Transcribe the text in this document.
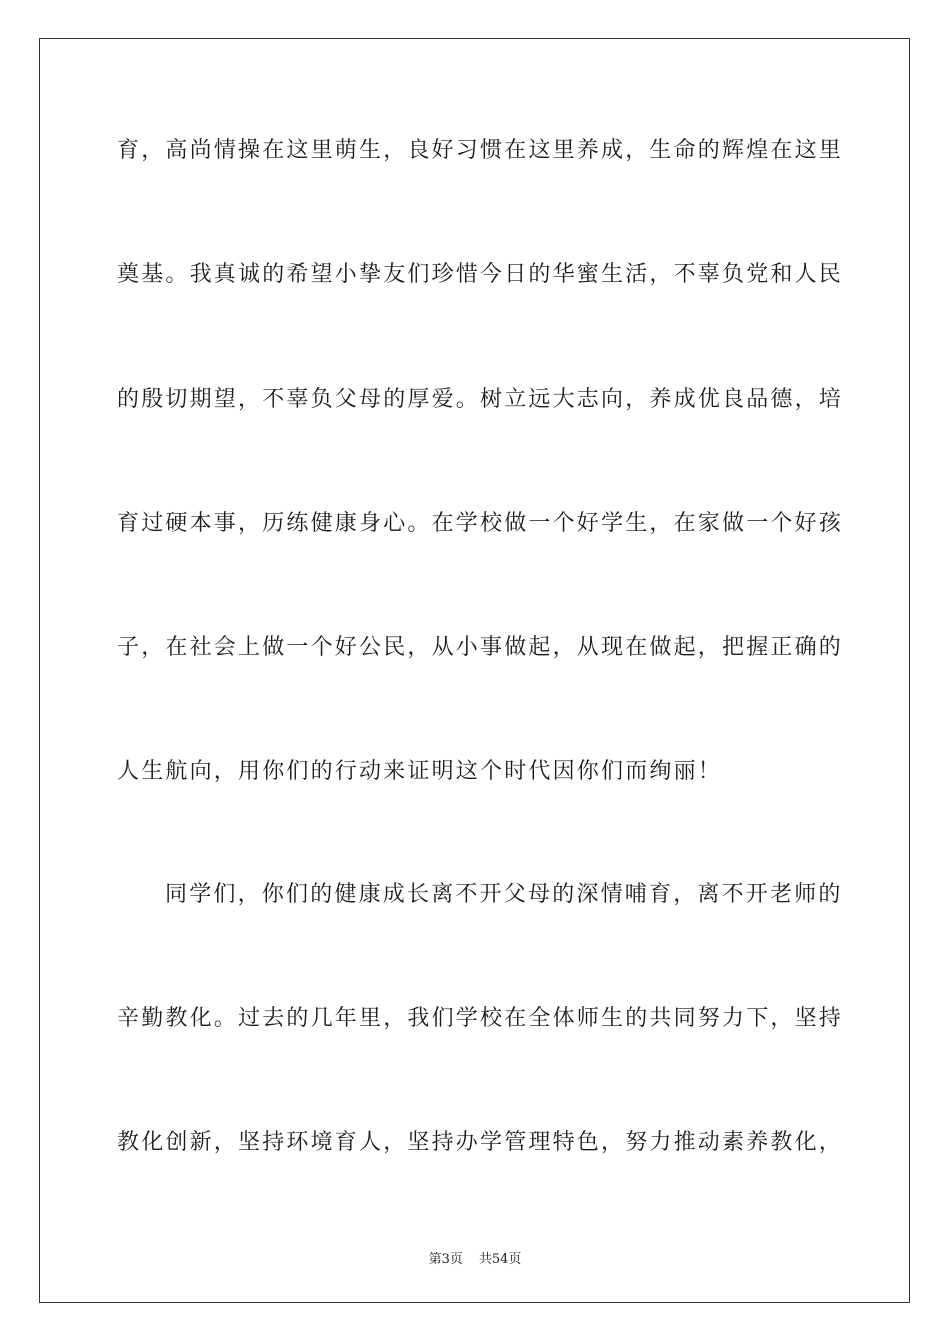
育，高尚情操在这里萌生，良好习惯在这里养成，生命的辉煌在这里
奠基。我真诚的希望小挚友们珍惜今日的华蜜生活，不辜负党和人民
的殷切期望，不辜负父母的厚爱。树立远大志向，养成优良品德，培
育过硬本事，历练健康身心。在学校做一个好学生，在家做一个好孩
子，在社会上做一个好公民，从小事做起，从现在做起，把握正确的
人生航向，用你们的行动来证明这个时代因你们而绚丽！
同学们，你们的健康成长离不开父母的深情哺育，离不开老师的
辛勤教化。过去的几年里，我们学校在全体师生的共同努力下，坚持
教化创新，坚持环境育人，坚持办学管理特色，努力推动素养教化，
第3页 共54页
